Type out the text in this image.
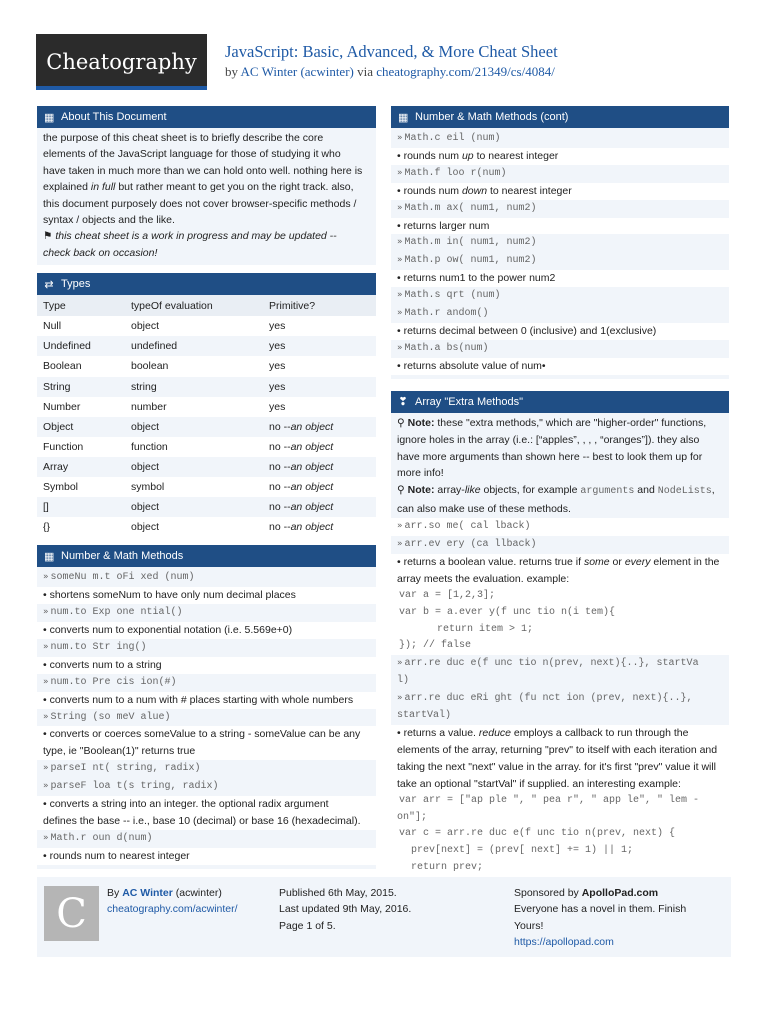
Cheatography	JavaScript: Basic, Advanced, & More Cheat Sheet
by AC Winter (acwinter) via cheatography.com/21349/cs/4084/
▦ About This Document
the purpose of this cheat sheet is to briefly describe the core
elements of the JavaScript language for those of studying it who
have taken in much more than we can hold onto well. nothing here is
explained in full but rather meant to get you on the right track. also,
this document purposely does not cover browser-specific methods /
syntax / objects and the like.
⚑ this cheat sheet is a work in progress and may be updated --
check back on occasion!
⇄ Types
Type	typeOf evaluation	Primitive?
Null	object	yes
Undefined	undefined	yes
Boolean	boolean	yes
String	string	yes
Number	number	yes
Object	object	no --an object
Function	function	no --an object
Array	object	no --an object
Symbol	symbol	no --an object
[]	object	no --an object
{}	object	no --an object
▦ Number & Math Methods
» someNu m.t oFi xed (num)
• shortens someNum to have only num decimal places
» num.to Exp one ntial()
• converts num to exponential notation (i.e. 5.569e+0)
» num.to Str ing()
• converts num to a string
» num.to Pre cis ion(#)
• converts num to a num with # places starting with whole numbers
» String (so meV alue)
• converts or coerces someValue to a string - someValue can be any
type, ie "Boolean(1)" returns true
» parseI nt( string, radix)
» parseF loa t(s tring, radix)
• converts a string into an integer. the optional radix argument
defines the base -- i.e., base 10 (decimal) or base 16 (hexadecimal).
» Math.r oun d(num)
• rounds num to nearest integer
▦ Number & Math Methods (cont)
» Math.c eil (num)
• rounds num up to nearest integer
» Math.f loo r(num)
• rounds num down to nearest integer
» Math.m ax( num1, num2)
• returns larger num
» Math.m in( num1, num2)
» Math.p ow( num1, num2)
• returns num1 to the power num2
» Math.s qrt (num)
» Math.r andom()
• returns decimal between 0 (inclusive) and 1(exclusive)
» Math.a bs(num)
• returns absolute value of num•
❣ Array "Extra Methods"
⚲ Note: these "extra methods," which are "higher-order" functions,
ignore holes in the array (i.e.: [“apples”, , , , “oranges”]). they also
have more arguments than shown here -- best to look them up for
more info!
⚲ Note: array-like objects, for example arguments and NodeLists,
can also make use of these methods.
» arr.so me( cal lback)
» arr.ev ery (ca llback)
• returns a boolean value. returns true if some or every element in the
array meets the evaluation. example:
var a = [1,2,3];
var b = a.ever y(f unc tio n(i tem){
return item > 1;
}); // false
» arr.re duc e(f unc tio n(prev, next){..}, startVa
l)
» arr.re duc eRi ght (fu nct ion (prev, next){..},
startVal)
• returns a value. reduce employs a callback to run through the
elements of the array, returning "prev" to itself with each iteration and
taking the next "next" value in the array. for it's first "prev" value it will
take an optional "startVal" if supplied. an interesting example:
var arr = ["ap ple ", " pea r", " app le", " lem -
on"];
var c = arr.re duc e(f unc tio n(prev, next) {
prev[next] = (prev[ next] += 1) || 1;
return prev;
C	By AC Winter (acwinter)
cheatography.com/acwinter/
Published 6th May, 2015.
Last updated 9th May, 2016.
Page 1 of 5.
Sponsored by ApolloPad.com
Everyone has a novel in them. Finish
Yours!
https://apollopad.com
